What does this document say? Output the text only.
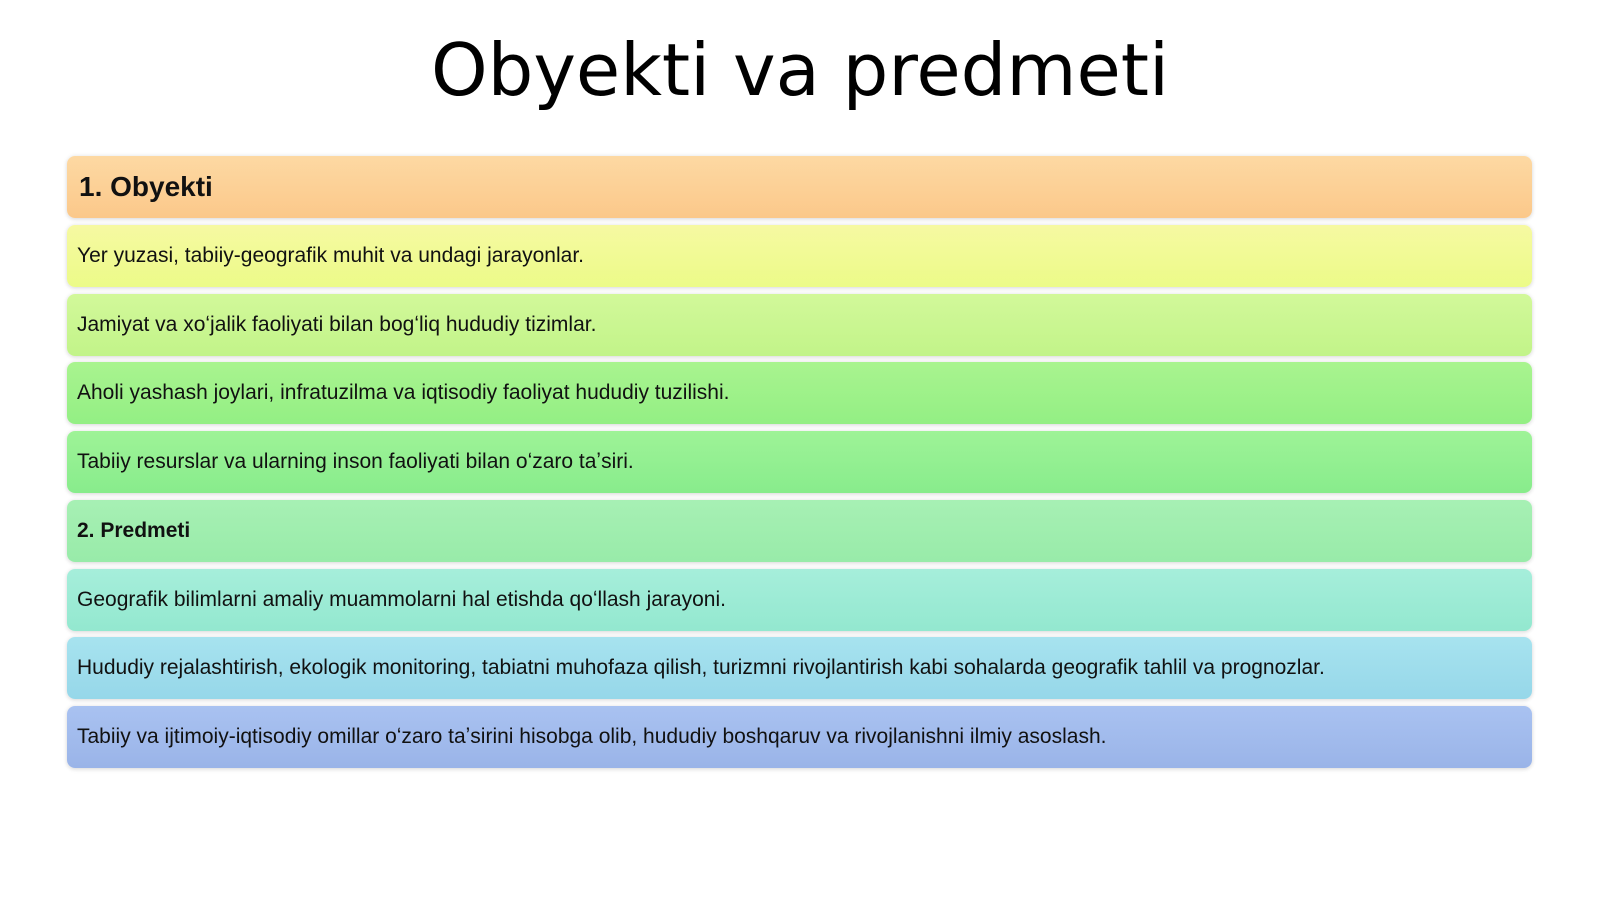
Obyekti va predmeti
1. Obyekti
Yer yuzasi, tabiiy-geografik muhit va undagi jarayonlar.
Jamiyat va xoʻjalik faoliyati bilan bogʻliq hududiy tizimlar.
Aholi yashash joylari, infratuzilma va iqtisodiy faoliyat hududiy tuzilishi.
Tabiiy resurslar va ularning inson faoliyati bilan oʻzaro taʼsiri.
2. Predmeti
Geografik bilimlarni amaliy muammolarni hal etishda qoʻllash jarayoni.
Hududiy rejalashtirish, ekologik monitoring, tabiatni muhofaza qilish, turizmni rivojlantirish kabi sohalarda geografik tahlil va prognozlar.
Tabiiy va ijtimoiy-iqtisodiy omillar oʻzaro taʼsirini hisobga olib, hududiy boshqaruv va rivojlanishni ilmiy asoslash.
